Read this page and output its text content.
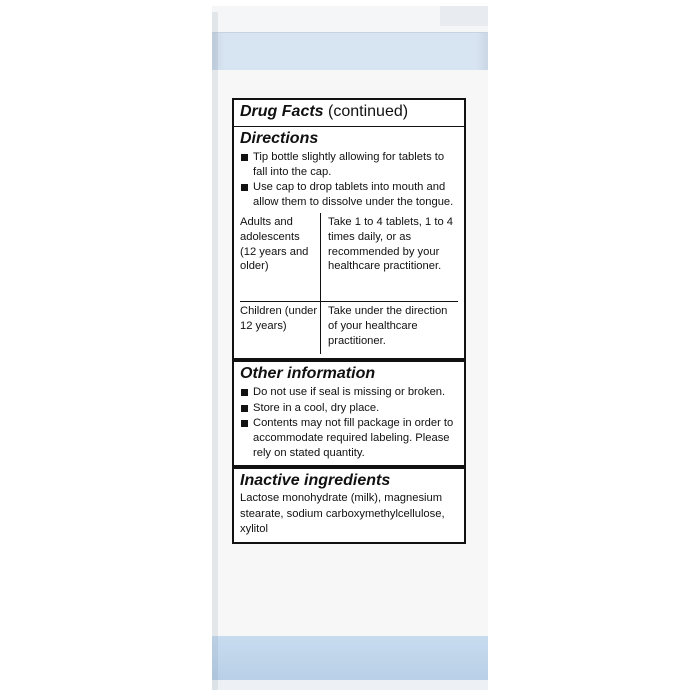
Drug Facts (continued)
Directions
Tip bottle slightly allowing for tablets to fall into the cap.
Use cap to drop tablets into mouth and allow them to dissolve under the tongue.
Adults and adolescents (12 years and older)	Take 1 to 4 tablets, 1 to 4 times daily, or as recommended by your healthcare practitioner.
Children (under 12 years)	Take under the direction of your healthcare practitioner.
Other information
Do not use if seal is missing or broken.
Store in a cool, dry place.
Contents may not fill package in order to accommodate required labeling. Please rely on stated quantity.
Inactive ingredients
Lactose monohydrate (milk), magnesium stearate, sodium carboxymethylcellulose, xylitol
